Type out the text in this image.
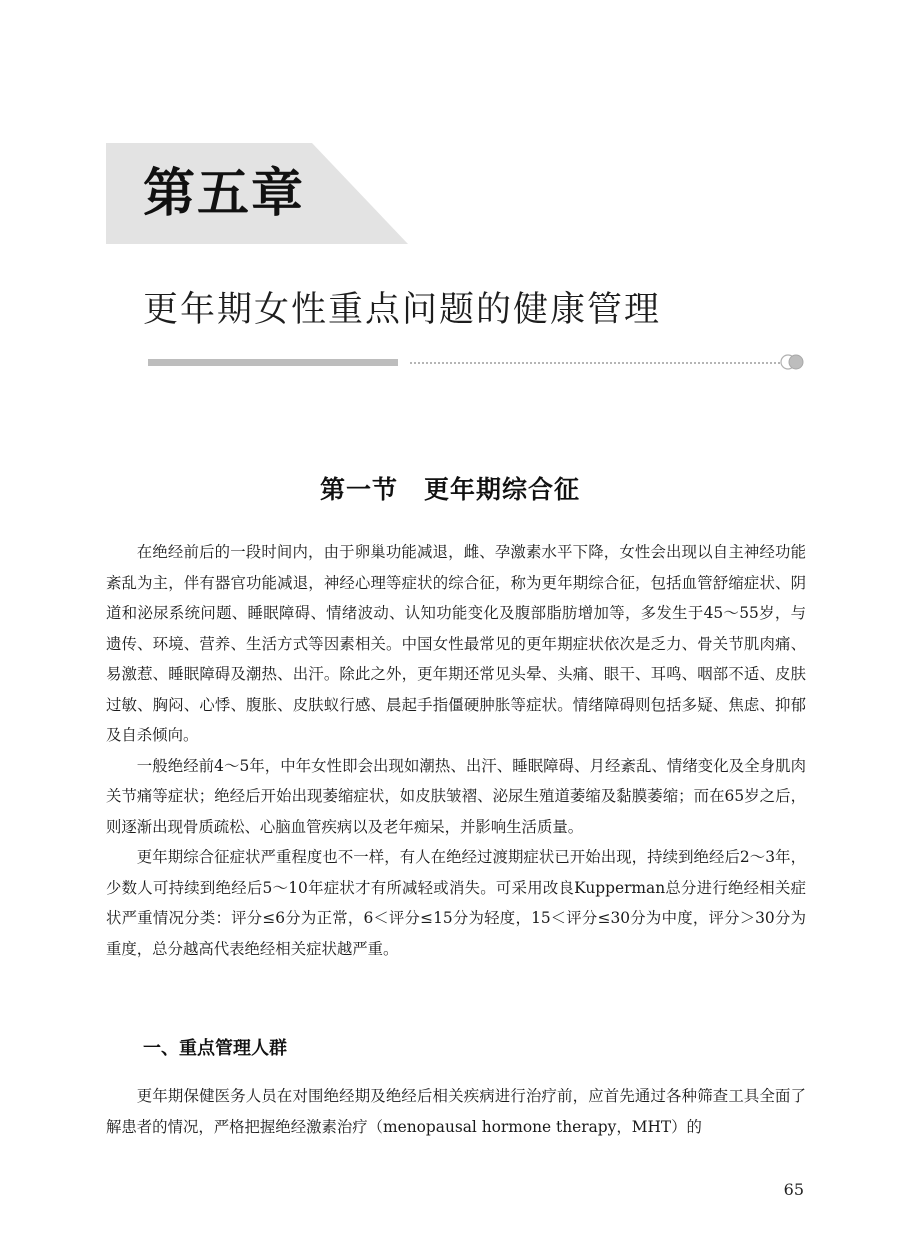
第五章
更年期女性重点问题的健康管理
第一节　更年期综合征

在绝经前后的一段时间内，由于卵巢功能减退，雌、孕激素水平下降，女性会出现以自主神经功能紊乱为主，伴有器官功能减退，神经心理等症状的综合征，称为更年期综合征，包括血管舒缩症状、阴道和泌尿系统问题、睡眠障碍、情绪波动、认知功能变化及腹部脂肪增加等，多发生于45～55岁，与遗传、环境、营养、生活方式等因素相关。中国女性最常见的更年期症状依次是乏力、骨关节肌肉痛、易激惹、睡眠障碍及潮热、出汗。除此之外，更年期还常见头晕、头痛、眼干、耳鸣、咽部不适、皮肤过敏、胸闷、心悸、腹胀、皮肤蚁行感、晨起手指僵硬肿胀等症状。情绪障碍则包括多疑、焦虑、抑郁及自杀倾向。

一般绝经前4～5年，中年女性即会出现如潮热、出汗、睡眠障碍、月经紊乱、情绪变化及全身肌肉关节痛等症状；绝经后开始出现萎缩症状，如皮肤皱褶、泌尿生殖道萎缩及黏膜萎缩；而在65岁之后，则逐渐出现骨质疏松、心脑血管疾病以及老年痴呆，并影响生活质量。

更年期综合征症状严重程度也不一样，有人在绝经过渡期症状已开始出现，持续到绝经后2～3年，少数人可持续到绝经后5～10年症状才有所减轻或消失。可采用改良Kupperman总分进行绝经相关症状严重情况分类：评分≤6分为正常，6＜评分≤15分为轻度，15＜评分≤30分为中度，评分＞30分为重度，总分越高代表绝经相关症状越严重。

一、重点管理人群

更年期保健医务人员在对围绝经期及绝经后相关疾病进行治疗前，应首先通过各种筛查工具全面了解患者的情况，严格把握绝经激素治疗（menopausal hormone therapy，MHT）的

65
